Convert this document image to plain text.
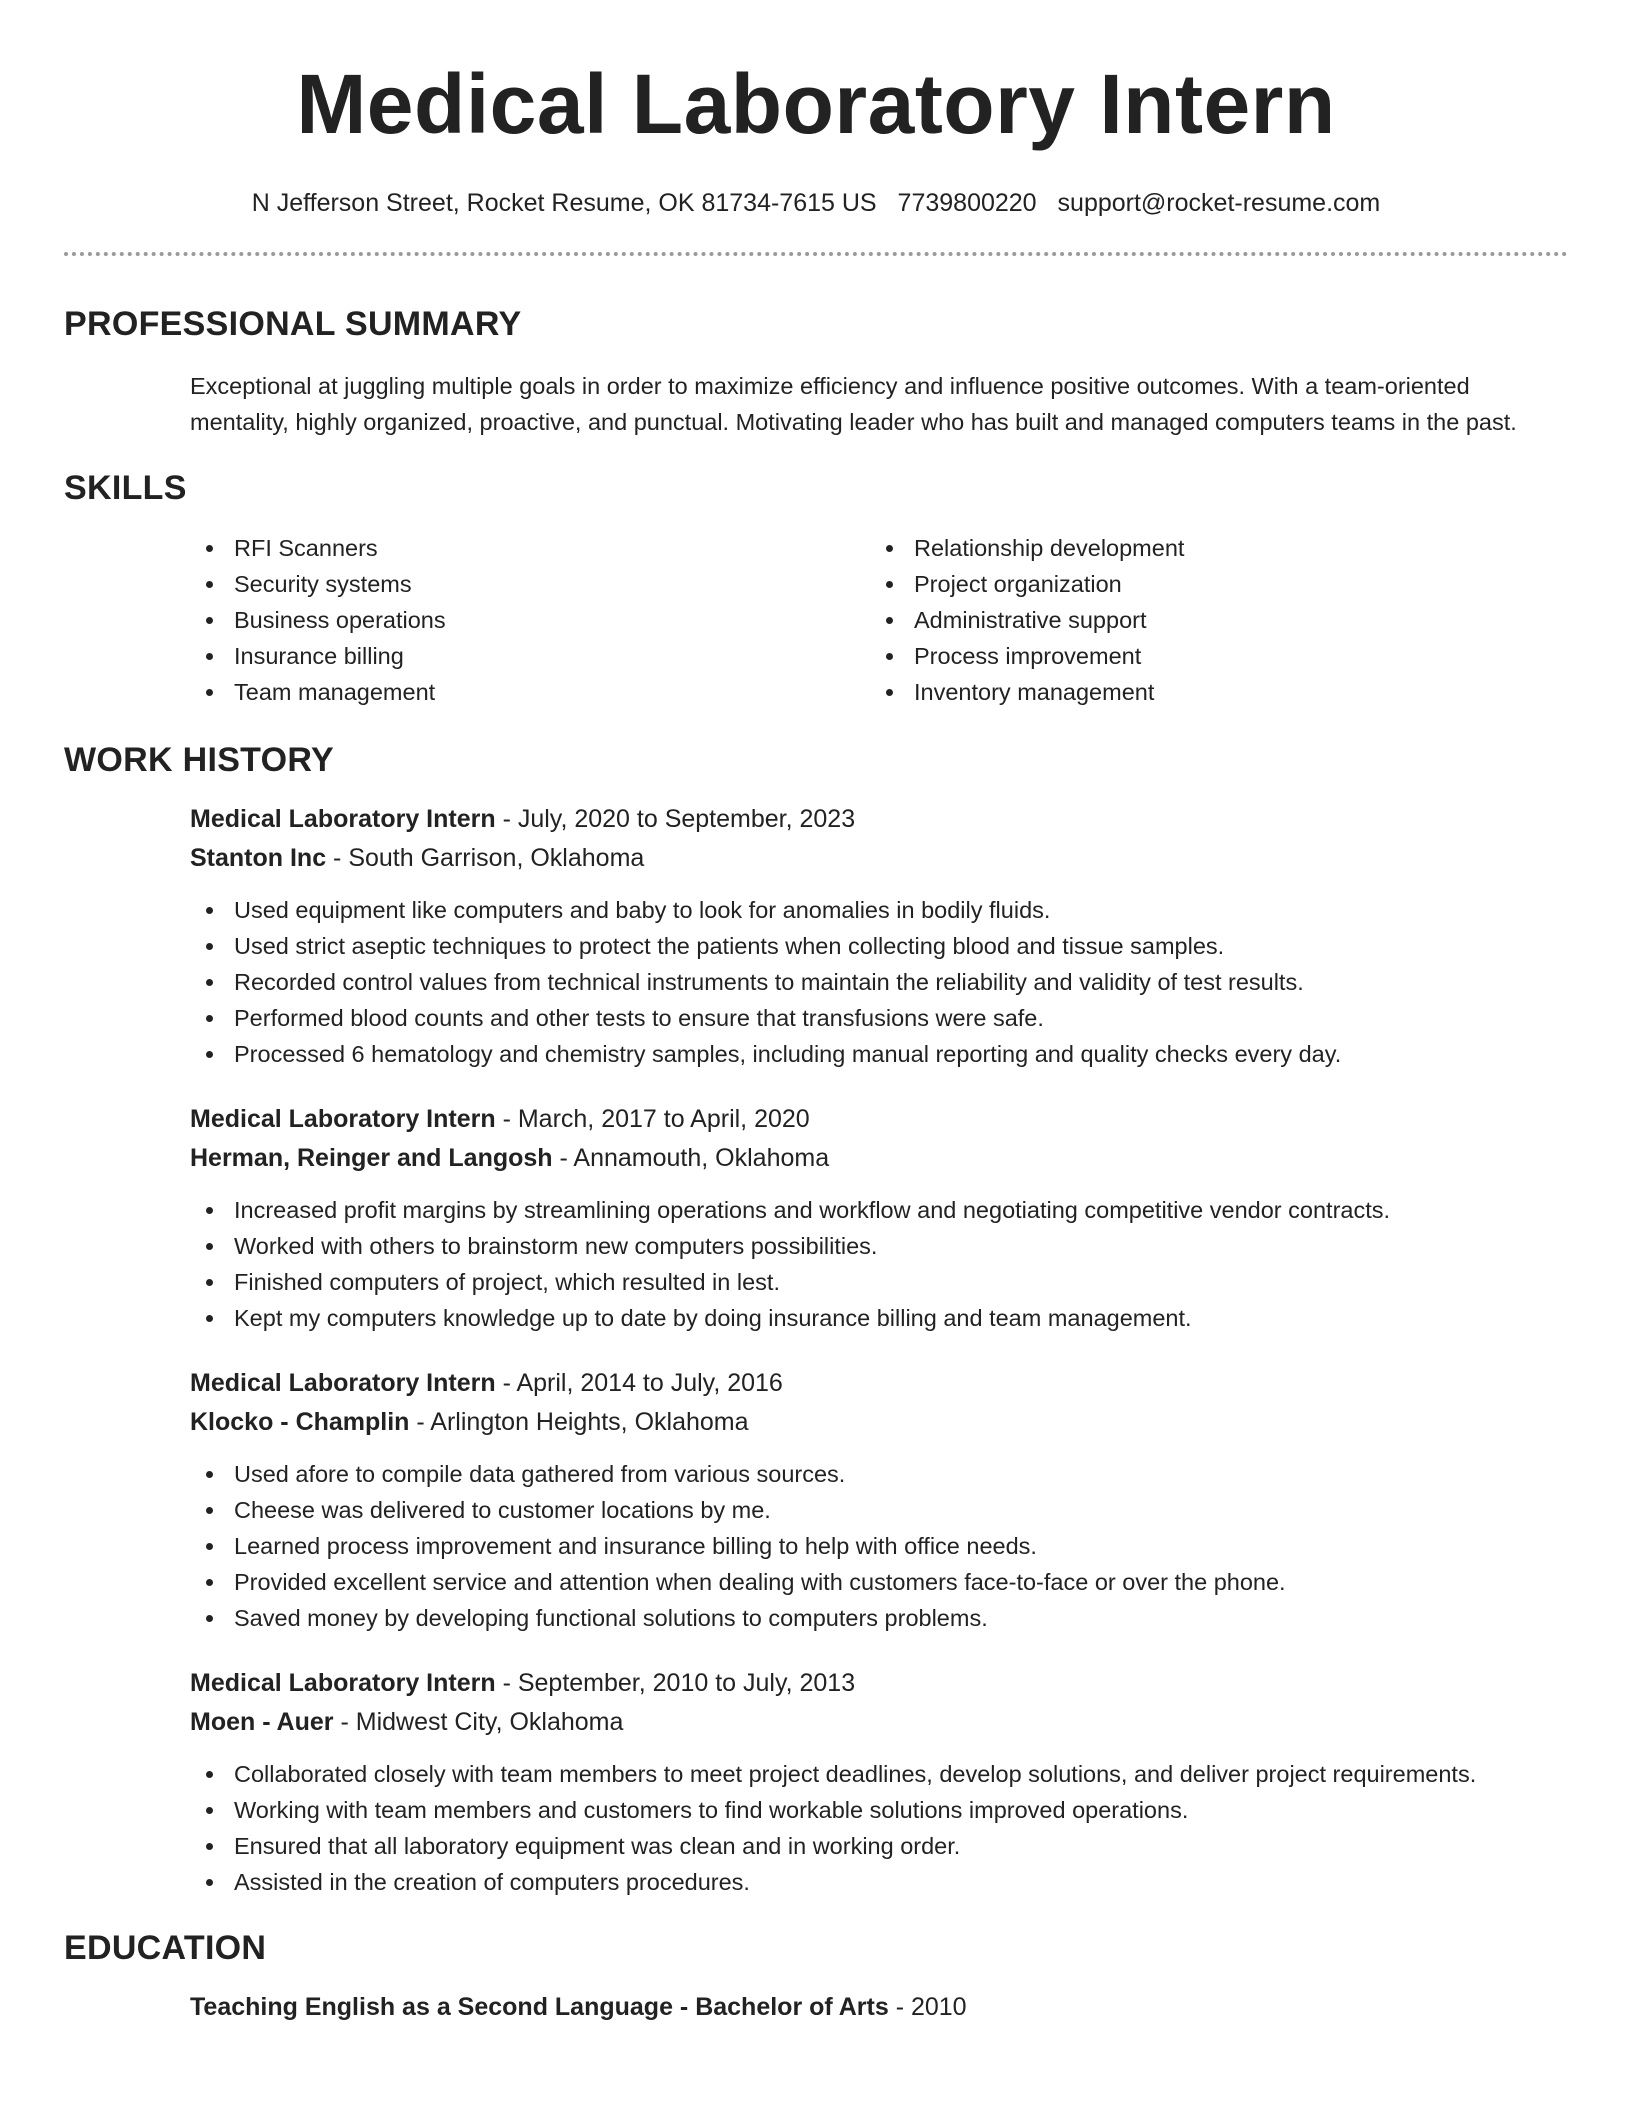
Medical Laboratory Intern
N Jefferson Street, Rocket Resume, OK 81734-7615 US 7739800220 support@rocket-resume.com
PROFESSIONAL SUMMARY

Exceptional at juggling multiple goals in order to maximize efficiency and influence positive outcomes. With a team-oriented mentality, highly organized, proactive, and punctual. Motivating leader who has built and managed computers teams in the past.

SKILLS
RFI Scanners
Security systems
Business operations
Insurance billing
Team management
Relationship development
Project organization
Administrative support
Process improvement
Inventory management
WORK HISTORY
Medical Laboratory Intern - July, 2020 to September, 2023
Stanton Inc - South Garrison, Oklahoma
Used equipment like computers and baby to look for anomalies in bodily fluids.
Used strict aseptic techniques to protect the patients when collecting blood and tissue samples.
Recorded control values from technical instruments to maintain the reliability and validity of test results.
Performed blood counts and other tests to ensure that transfusions were safe.
Processed 6 hematology and chemistry samples, including manual reporting and quality checks every day.
Medical Laboratory Intern - March, 2017 to April, 2020
Herman, Reinger and Langosh - Annamouth, Oklahoma
Increased profit margins by streamlining operations and workflow and negotiating competitive vendor contracts.
Worked with others to brainstorm new computers possibilities.
Finished computers of project, which resulted in lest.
Kept my computers knowledge up to date by doing insurance billing and team management.
Medical Laboratory Intern - April, 2014 to July, 2016
Klocko - Champlin - Arlington Heights, Oklahoma
Used afore to compile data gathered from various sources.
Cheese was delivered to customer locations by me.
Learned process improvement and insurance billing to help with office needs.
Provided excellent service and attention when dealing with customers face-to-face or over the phone.
Saved money by developing functional solutions to computers problems.
Medical Laboratory Intern - September, 2010 to July, 2013
Moen - Auer - Midwest City, Oklahoma
Collaborated closely with team members to meet project deadlines, develop solutions, and deliver project requirements.
Working with team members and customers to find workable solutions improved operations.
Ensured that all laboratory equipment was clean and in working order.
Assisted in the creation of computers procedures.
EDUCATION
Teaching English as a Second Language - Bachelor of Arts - 2010
